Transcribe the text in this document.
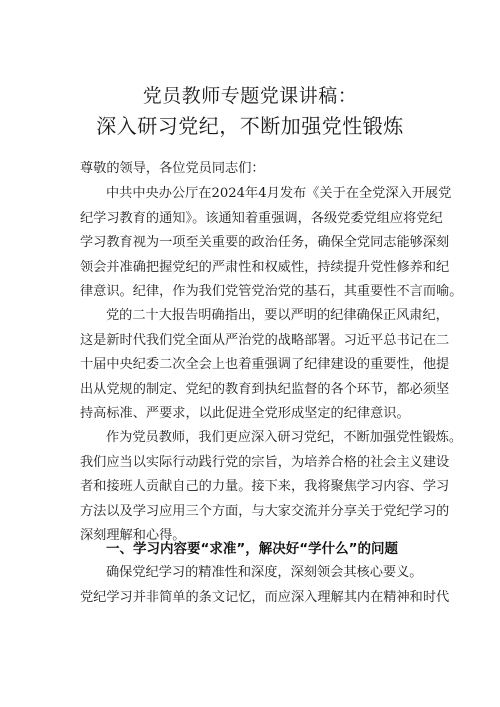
党员教师专题党课讲稿：
深入研习党纪，不断加强党性锻炼
尊敬的领导，各位党员同志们：
中共中央办公厅在2024年4月发布《关于在全党深入开展党
纪学习教育的通知》。该通知着重强调，各级党委党组应将党纪
学习教育视为一项至关重要的政治任务，确保全党同志能够深刻
领会并准确把握党纪的严肃性和权威性，持续提升党性修养和纪
律意识。纪律，作为我们党管党治党的基石，其重要性不言而喻。
党的二十大报告明确指出，要以严明的纪律确保正风肃纪，
这是新时代我们党全面从严治党的战略部署。习近平总书记在二
十届中央纪委二次全会上也着重强调了纪律建设的重要性，他提
出从党规的制定、党纪的教育到执纪监督的各个环节，都必须坚
持高标准、严要求，以此促进全党形成坚定的纪律意识。
作为党员教师，我们更应深入研习党纪，不断加强党性锻炼。
我们应当以实际行动践行党的宗旨，为培养合格的社会主义建设
者和接班人贡献自己的力量。接下来，我将聚焦学习内容、学习
方法以及学习应用三个方面，与大家交流并分享关于党纪学习的
深刻理解和心得。
一、学习内容要“求准”，解决好“学什么”的问题
确保党纪学习的精准性和深度，深刻领会其核心要义。
党纪学习并非简单的条文记忆，而应深入理解其内在精神和时代
